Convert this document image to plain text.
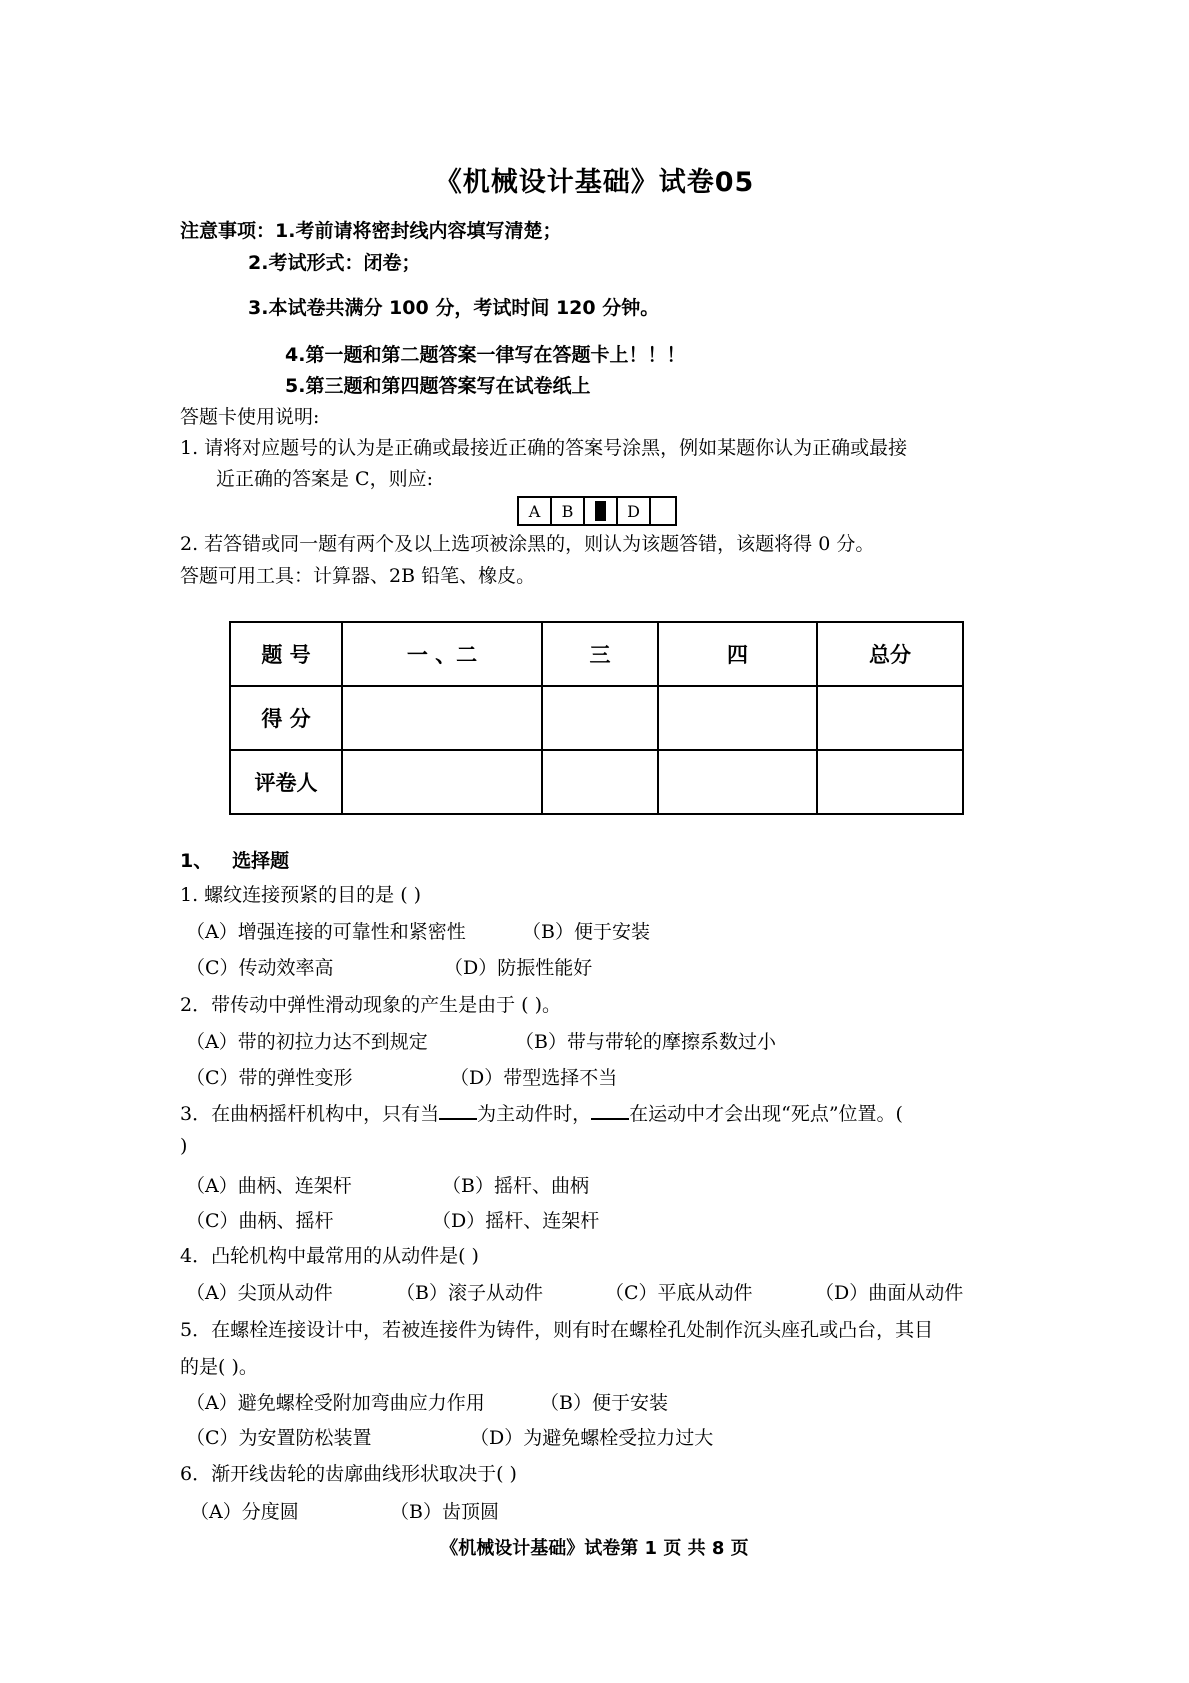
《机械设计基础》试卷05
注意事项：1.考前请将密封线内容填写清楚；
2.考试形式：闭卷；
3.本试卷共满分 100 分，考试时间 120 分钟。
4.第一题和第二题答案一律写在答题卡上！！！
5.第三题和第四题答案写在试卷纸上
答题卡使用说明:
1. 请将对应题号的认为是正确或最接近正确的答案号涂黑，例如某题你认为正确或最接
近正确的答案是 C，则应:
A	B	D
2. 若答错或同一题有两个及以上选项被涂黑的，则认为该题答错，该题将得 0 分。
答题可用工具：计算器、2B 铅笔、橡皮。
题 号	一 、二	三	四	总分
得 分				
评卷人				
1、 选择题
1. 螺纹连接预紧的目的是 ( )
（A）增强连接的可靠性和紧密性	（B）便于安装
（C）传动效率高	（D）防振性能好
2．带传动中弹性滑动现象的产生是由于 ( )。
（A）带的初拉力达不到规定	（B）带与带轮的摩擦系数过小
（C）带的弹性变形	（D）带型选择不当
3．在曲柄摇杆机构中，只有当 为主动件时， 在运动中才会出现“死点”位置。(
)
（A）曲柄、连架杆	（B）摇杆、曲柄
（C）曲柄、摇杆	（D）摇杆、连架杆
4．凸轮机构中最常用的从动件是( )
（A）尖顶从动件	（B）滚子从动件	（C）平底从动件	（D）曲面从动件
5．在螺栓连接设计中，若被连接件为铸件，则有时在螺栓孔处制作沉头座孔或凸台，其目
的是( )。
（A）避免螺栓受附加弯曲应力作用	（B）便于安装
（C）为安置防松装置	（D）为避免螺栓受拉力过大
6．渐开线齿轮的齿廓曲线形状取决于( )
（A）分度圆	（B）齿顶圆
《机械设计基础》试卷第 1 页 共 8 页
